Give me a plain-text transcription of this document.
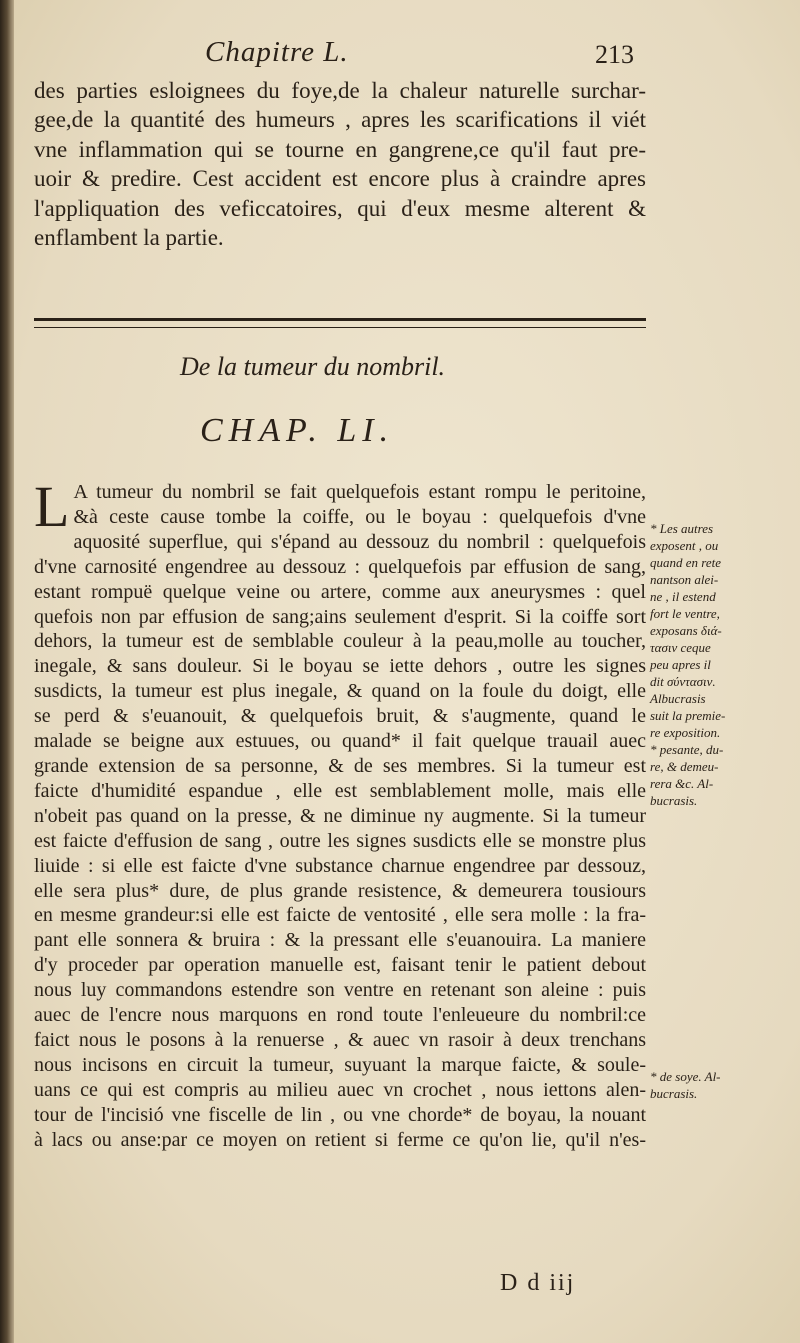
Chapitre L.	213
des parties esloignees du foye,de la chaleur naturelle surchar-
gee,de la quantité des humeurs , apres les scarifications il viét
vne inflammation qui se tourne en gangrene,ce qu'il faut pre-
uoir & predire. Cest accident est encore plus à craindre apres
l'appliquation des veficcatoires, qui d'eux mesme alterent &
enflambent la partie.
De la tumeur du nombril.
CHAP. LI.
L A tumeur du nombril se fait quelquefois estant rompu le peritoine,
&à ceste cause tombe la coiffe, ou le boyau : quelquefois d'vne
aquosité superflue, qui s'épand au dessouz du nombril : quelquefois
d'vne carnosité engendree au dessouz : quelquefois par effusion de sang,
estant rompuë quelque veine ou artere, comme aux aneurysmes : quel
quefois non par effusion de sang;ains seulement d'esprit. Si la coiffe sort
dehors, la tumeur est de semblable couleur à la peau,molle au toucher,
inegale, & sans douleur. Si le boyau se iette dehors , outre les signes
susdicts, la tumeur est plus inegale, & quand on la foule du doigt, elle
se perd & s'euanouit, & quelquefois bruit, & s'augmente, quand le
malade se beigne aux estuues, ou quand* il fait quelque trauail auec
grande extension de sa personne, & de ses membres. Si la tumeur est
faicte d'humidité espandue , elle est semblablement molle, mais elle
n'obeit pas quand on la presse, & ne diminue ny augmente. Si la tumeur
est faicte d'effusion de sang , outre les signes susdicts elle se monstre plus
liuide : si elle est faicte d'vne substance charnue engendree par dessouz,
elle sera plus* dure, de plus grande resistence, & demeurera tousiours
en mesme grandeur:si elle est faicte de ventosité , elle sera molle : la fra-
pant elle sonnera & bruira : & la pressant elle s'euanouira. La maniere
d'y proceder par operation manuelle est, faisant tenir le patient debout
nous luy commandons estendre son ventre en retenant son aleine : puis
auec de l'encre nous marquons en rond toute l'enleueure du nombril:ce
faict nous le posons à la renuerse , & auec vn rasoir à deux trenchans
nous incisons en circuit la tumeur, suyuant la marque faicte, & soule-
uans ce qui est compris au milieu auec vn crochet , nous iettons alen-
tour de l'incisió vne fiscelle de lin , ou vne chorde* de boyau, la nouant
à lacs ou anse:par ce moyen on retient si ferme ce qu'on lie, qu'il n'es-
* Les autres
exposent , ou
quand en rete
nantson alei-
ne , il estend
fort le ventre,
exposans διά-
τασιν ceque
peu apres il
dit σύντασιν.
Albucrasis
suit la premie-
re exposition.
* pesante, du-
re, & demeu-
rera &c. Al-
bucrasis.
* de soye. Al-
bucrasis.
D d iij
